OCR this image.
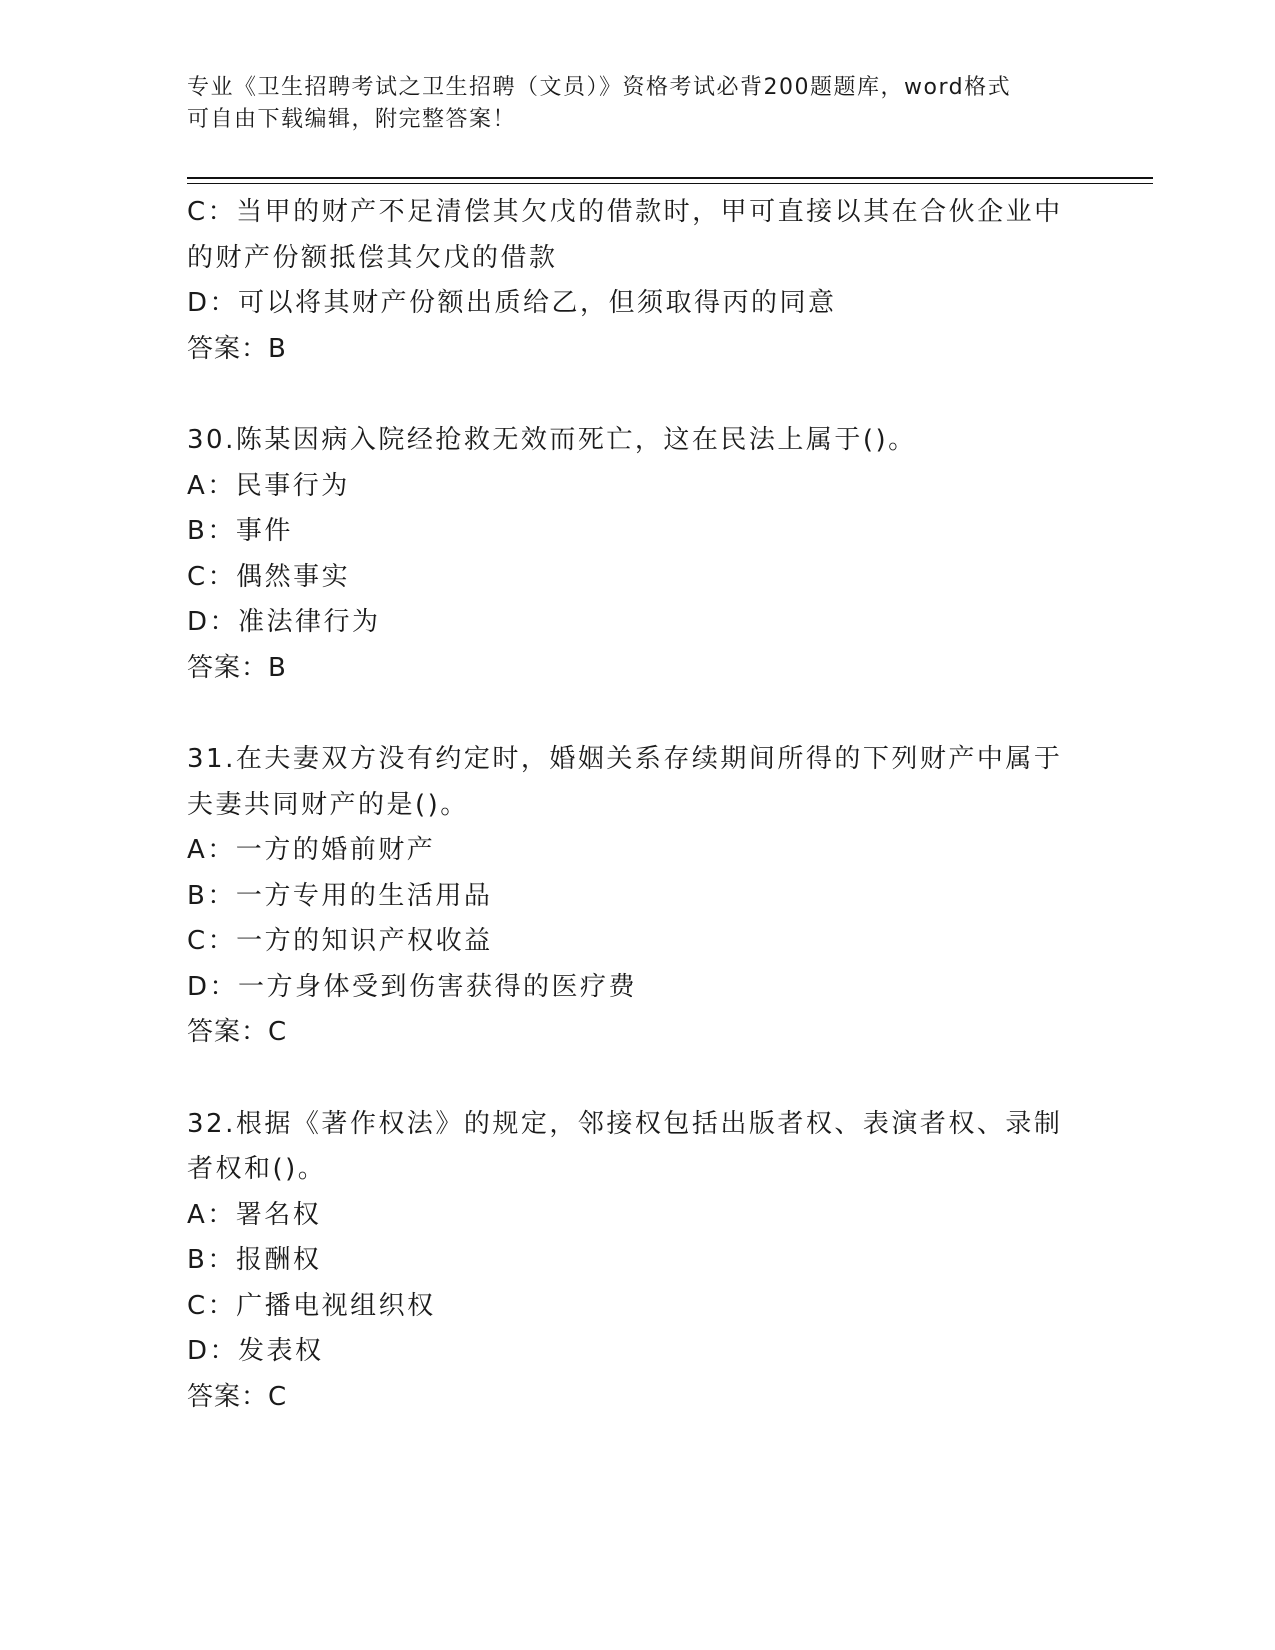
专业《卫生招聘考试之卫生招聘（文员）》资格考试必背200题题库，word格式
可自由下载编辑，附完整答案！
C：当甲的财产不足清偿其欠戊的借款时，甲可直接以其在合伙企业中
的财产份额抵偿其欠戊的借款
D：可以将其财产份额出质给乙，但须取得丙的同意
答案：B
30.陈某因病入院经抢救无效而死亡，这在民法上属于()。
A：民事行为
B：事件
C：偶然事实
D：准法律行为
答案：B
31.在夫妻双方没有约定时，婚姻关系存续期间所得的下列财产中属于
夫妻共同财产的是()。
A：一方的婚前财产
B：一方专用的生活用品
C：一方的知识产权收益
D：一方身体受到伤害获得的医疗费
答案：C
32.根据《著作权法》的规定，邻接权包括出版者权、表演者权、录制
者权和()。
A：署名权
B：报酬权
C：广播电视组织权
D：发表权
答案：C
